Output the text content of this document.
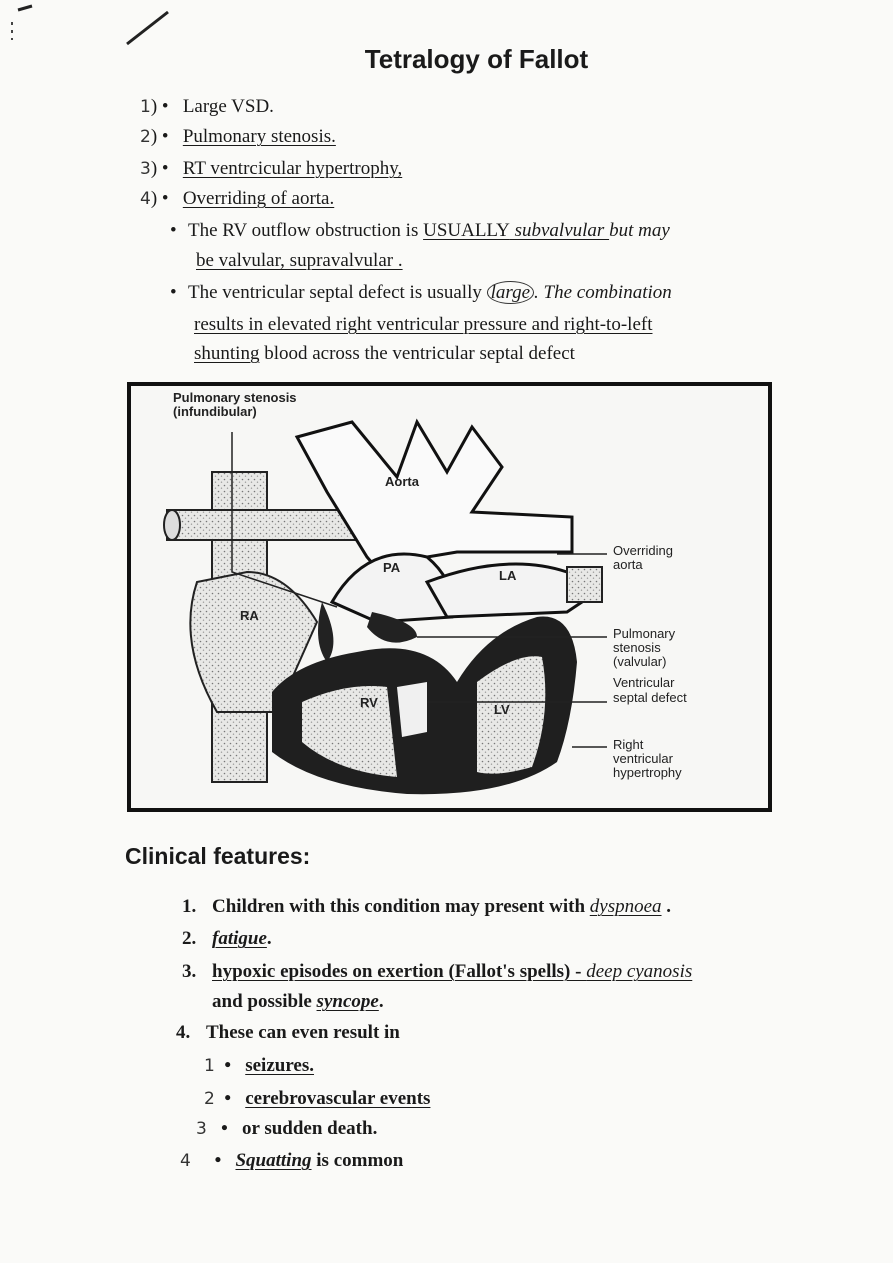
Tetralogy of Fallot
1) •   Large VSD.
2) •   Pulmonary stenosis.
3) •   RT ventrcicular hypertrophy,
4) •   Overriding of aorta.
• The RV outflow obstruction is USUALLY subvalvular but may
be valvular, supravalvular .
• The ventricular septal defect is usually large . The combination
results in elevated right ventricular pressure and right-to-left
shunting blood across the ventricular septal defect
Pulmonary stenosis
(infundibular)
Aorta
PA
LA
RA
RV	LV
Overriding
aorta
Pulmonary
stenosis
(valvular)
Ventricular
septal defect
Right
ventricular
hypertrophy
Clinical features:
1. Children with this condition may present with dyspnoea .
2. fatigue.
3. hypoxic episodes on exertion (Fallot's spells) - deep cyanosis
and possible syncope.
4. These can even result in
1  •   seizures.
2  •   cerebrovascular events
3   •   or sudden death.
4     •   Squatting is common
